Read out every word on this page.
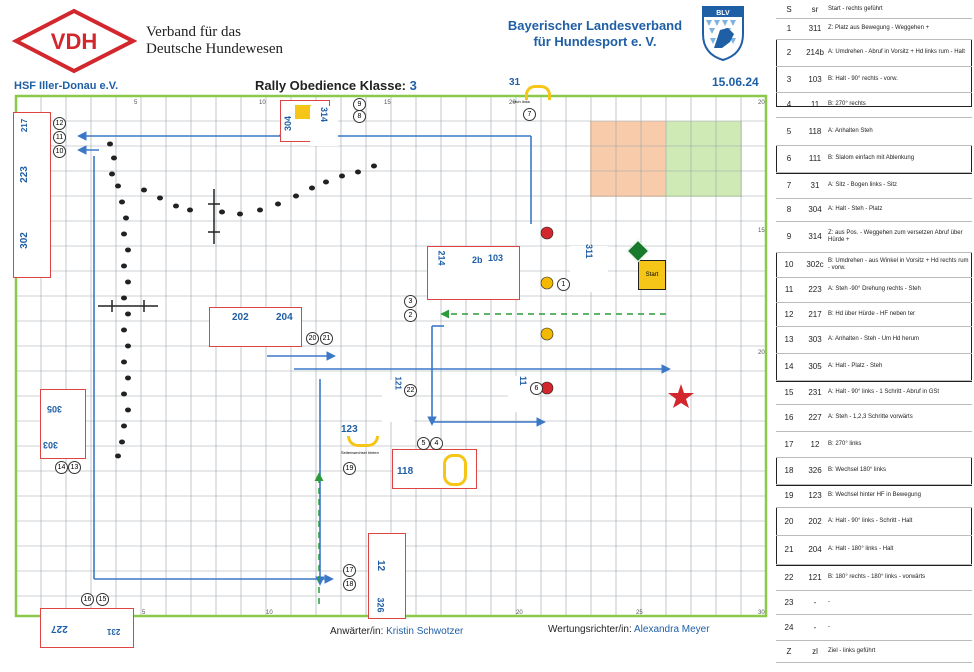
VDH	Verband für das
Deutsche Hundewesen
Bayerischer Landesverband
für Hundesport e. V.
BLV
HSF Iller-Donau e.V.	Rally Obedience Klasse: 3	15.06.24
5	10	15	20	20
15
20
5	10	20	25	30
Start
304
314
31
rech links
214	2b 103	311
202	204
121	11
123
Seitenwechsel hinten
118
12
326
305
303
227	231
223
302
217
1
2
3
4
5
6
7
8
9
10
11
12
13
14
15
16
17
18
19
20 21
22
Anwärter/in: Kristin Schwotzer	Wertungsrichter/in: Alexandra Meyer
S	sr	Start - rechts geführt
1	311	Z: Platz aus Bewegung - Weggehen +
2	214b A: Umdrehen - Abruf in Vorsitz + Hd links rum - Halt
3	103	B: Halt - 90° rechts - vorw.
4	11	B: 270° rechts
5	118	A: Anhalten Steh
6	111	B: Slalom einfach mit Ablenkung
7	31	A: Sitz - Bogen links - Sitz
8	304	A: Halt - Steh - Platz
9	314	Z: aus Pos. - Weggehen zum versetzen Abruf über Hürde +
10	302c B: Umdrehen - aus Winkel in Vorsitz + Hd rechts rum - vorw.
11	223	A: Steh -90° Drehung rechts - Steh
12	217	B: Hd über Hürde - HF neben ter
13	303	A: Anhalten - Steh - Um Hd herum
14	305	A: Halt - Platz - Steh
15	231	A: Halt - 90° links - 1 Schritt - Abruf in GSt
16	227	A: Steh - 1,2,3 Schritte vorwärts
17	12	B: 270° links
18	326	B: Wechsel 180° links
19	123	B: Wechsel hinter HF in Bewegung
20	202	A: Halt - 90° links - Schritt - Halt
21	204	A: Halt - 180° links - Halt
22	121	B: 180° rechts - 180° links - vorwärts
23	-	-
24	-	-
Z	zl	Ziel - links geführt
